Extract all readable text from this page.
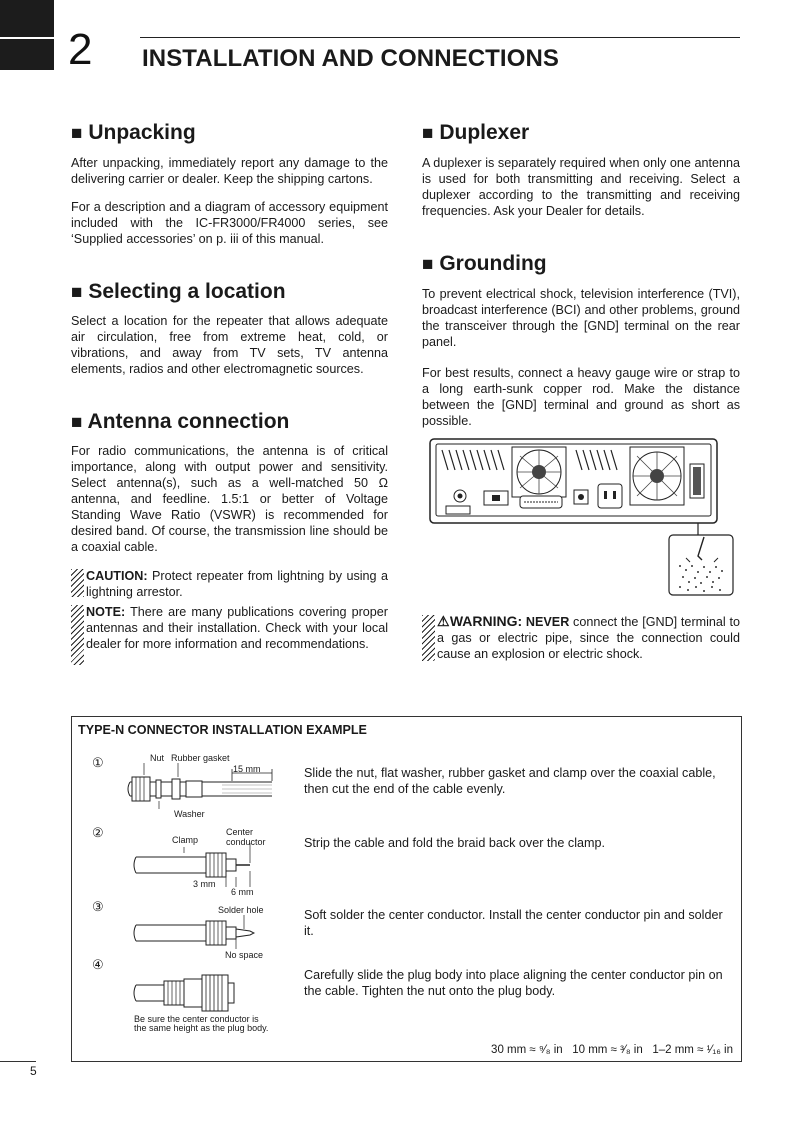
2 INSTALLATION AND CONNECTIONS
■ Unpacking
After unpacking, immediately report any damage to the delivering carrier or dealer. Keep the shipping cartons.
For a description and a diagram of accessory equipment included with the IC-FR3000/FR4000 series, see ‘Supplied accessories’ on p. iii of this manual.
■ Selecting a location
Select a location for the repeater that allows adequate air circulation, free from extreme heat, cold, or vibrations, and away from TV sets, TV antenna elements, radios and other electromagnetic sources.
■ Antenna connection
For radio communications, the antenna is of critical importance, along with output power and sensitivity. Select antenna(s), such as a well-matched 50 Ω antenna, and feedline. 1.5:1 or better of Voltage Standing Wave Ratio (VSWR) is recommended for desired band. Of course, the transmission line should be a coaxial cable.
CAUTION: Protect repeater from lightning by using a lightning arrestor.
NOTE: There are many publications covering proper antennas and their installation. Check with your local dealer for more information and recommendations.
■ Duplexer
A duplexer is separately required when only one antenna is used for both transmitting and receiving. Select a duplexer according to the transmitting and receiving frequencies. Ask your Dealer for details.
■ Grounding
To prevent electrical shock, television interference (TVI), broadcast interference (BCI) and other problems, ground the transceiver through the [GND] terminal on the rear panel.
For best results, connect a heavy gauge wire or strap to a long earth-sunk copper rod. Make the distance between the [GND] terminal and ground as short as possible.
⚠WARNING: NEVER connect the [GND] terminal to a gas or electric pipe, since the connection could cause an explosion or electric shock.
TYPE-N CONNECTOR INSTALLATION EXAMPLE
①	Nut Rubber gasket
15 mm
Washer
Slide the nut, flat washer, rubber gasket and clamp over the coaxial cable, then cut the end of the cable evenly.
②	Clamp
Center
conductor
3 mm
6 mm
Strip the cable and fold the braid back over the clamp.
③	Solder hole
No space
Soft solder the center conductor. Install the center conductor pin and solder it.
④
Be sure the center conductor is
the same height as the plug body.
Carefully slide the plug body into place aligning the center conductor pin on the cable. Tighten the nut onto the plug body.
30 mm ≈ ⁹⁄₈ in   10 mm ≈ ³⁄₈ in   1–2 mm ≈ ¹⁄₁₆ in
5
